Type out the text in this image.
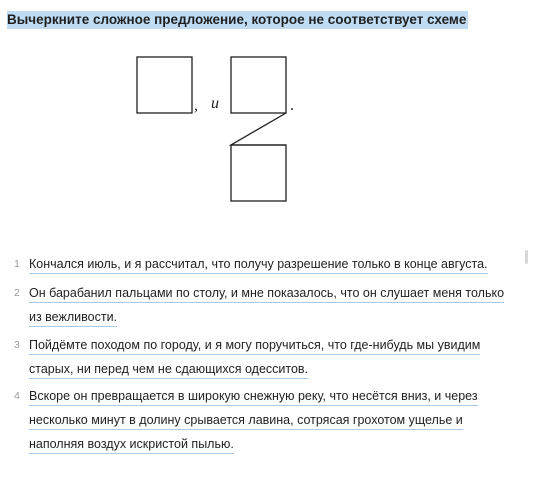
Вычеркните сложное предложение, которое не соответствует схеме
, и	.
1 Кончался июль, и я рассчитал, что получу разрешение только в конце августа.
2 Он барабанил пальцами по столу, и мне показалось, что он слушает меня только из вежливости.
3 Пойдёмте походом по городу, и я могу поручиться, что где-нибудь мы увидим старых, ни перед чем не сдающихся одесситов.
4 Вскоре он превращается в широкую снежную реку, что несётся вниз, и через несколько минут в долину срывается лавина, сотрясая грохотом ущелье и наполняя воздух искристой пылью.
